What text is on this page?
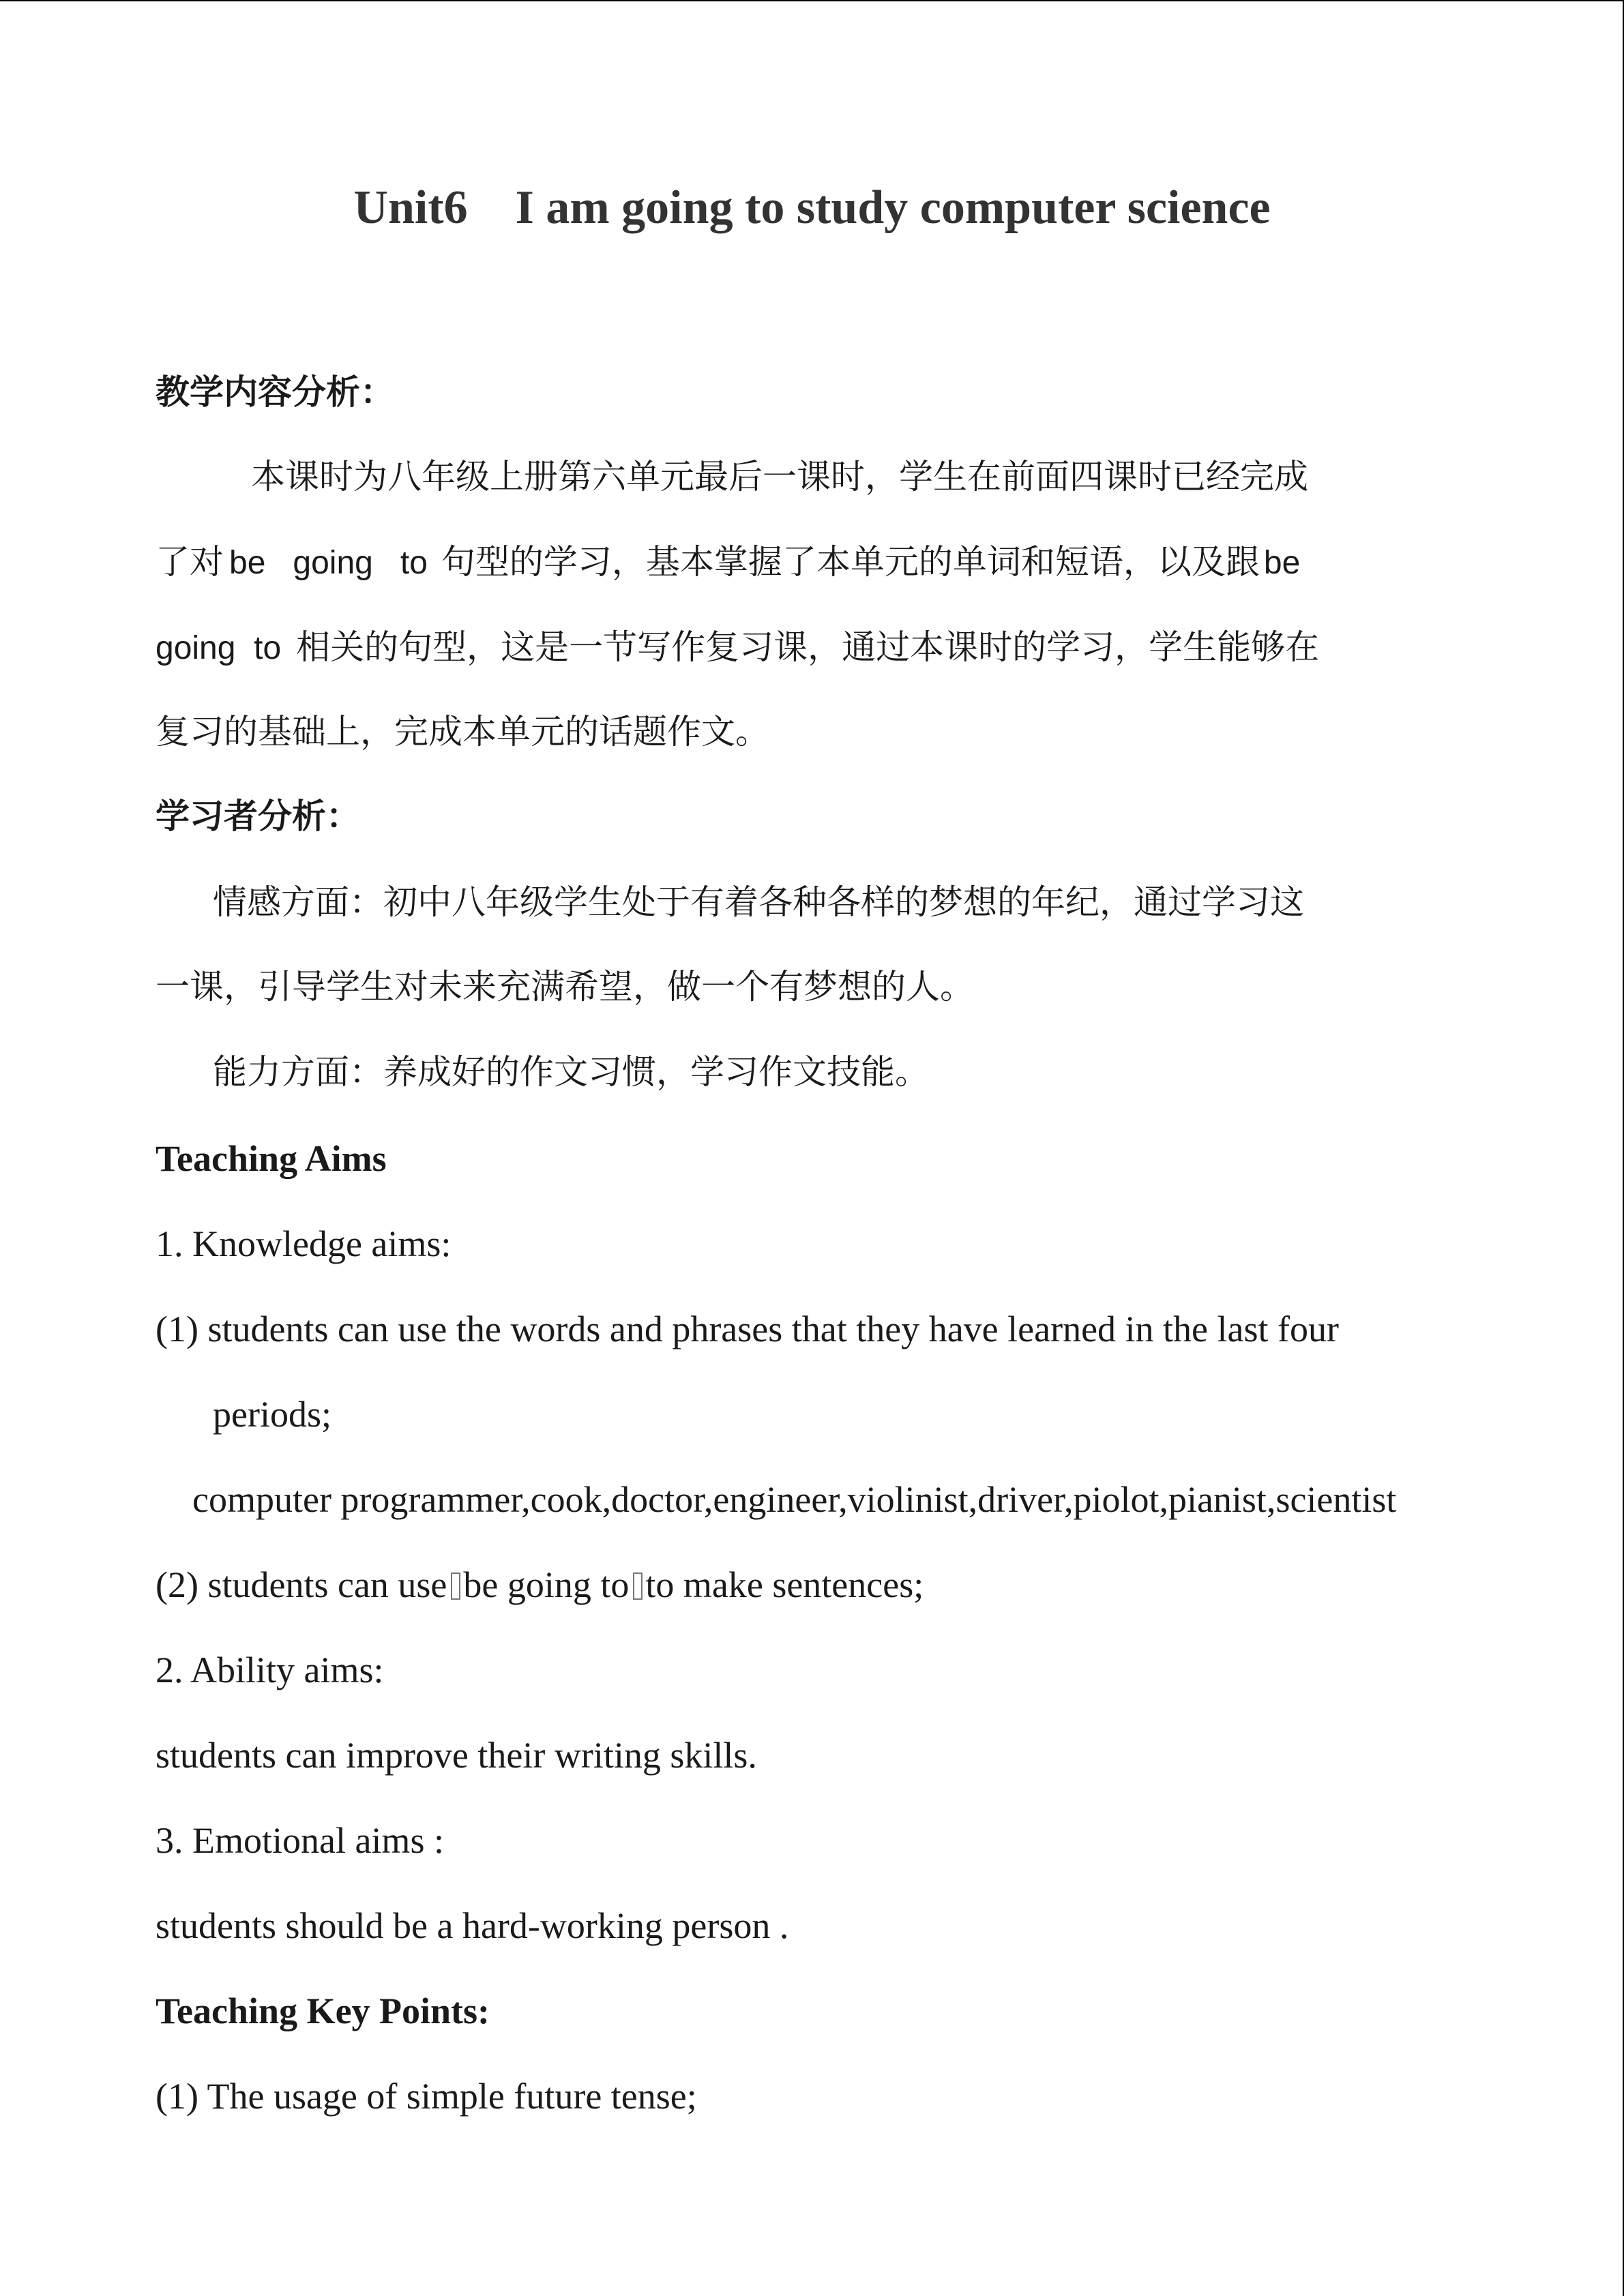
Unit6    I am going to study computer science
教学内容分析：
本课时为八年级上册第六单元最后一课时，学生在前面四课时已经完成
了对 be   going   to 句型的学习，基本掌握了本单元的单词和短语，以及跟 be
going  to 相关的句型，这是一节写作复习课，通过本课时的学习，学生能够在
复习的基础上，完成本单元的话题作文。
学习者分析：
情感方面：初中八年级学生处于有着各种各样的梦想的年纪，通过学习这
一课，引导学生对未来充满希望，做一个有梦想的人。
能力方面：养成好的作文习惯，学习作文技能。
Teaching Aims
1. Knowledge aims:
(1) students can use the words and phrases that they have learned in the last four
periods;
computer programmer,cook,doctor,engineer,violinist,driver,piolot,pianist,scientist
(2) students can use be going to to make sentences;
2. Ability aims:
students can improve their writing skills.
3. Emotional aims :
students should be a hard-working person .
Teaching Key Points:
(1) The usage of simple future tense;
